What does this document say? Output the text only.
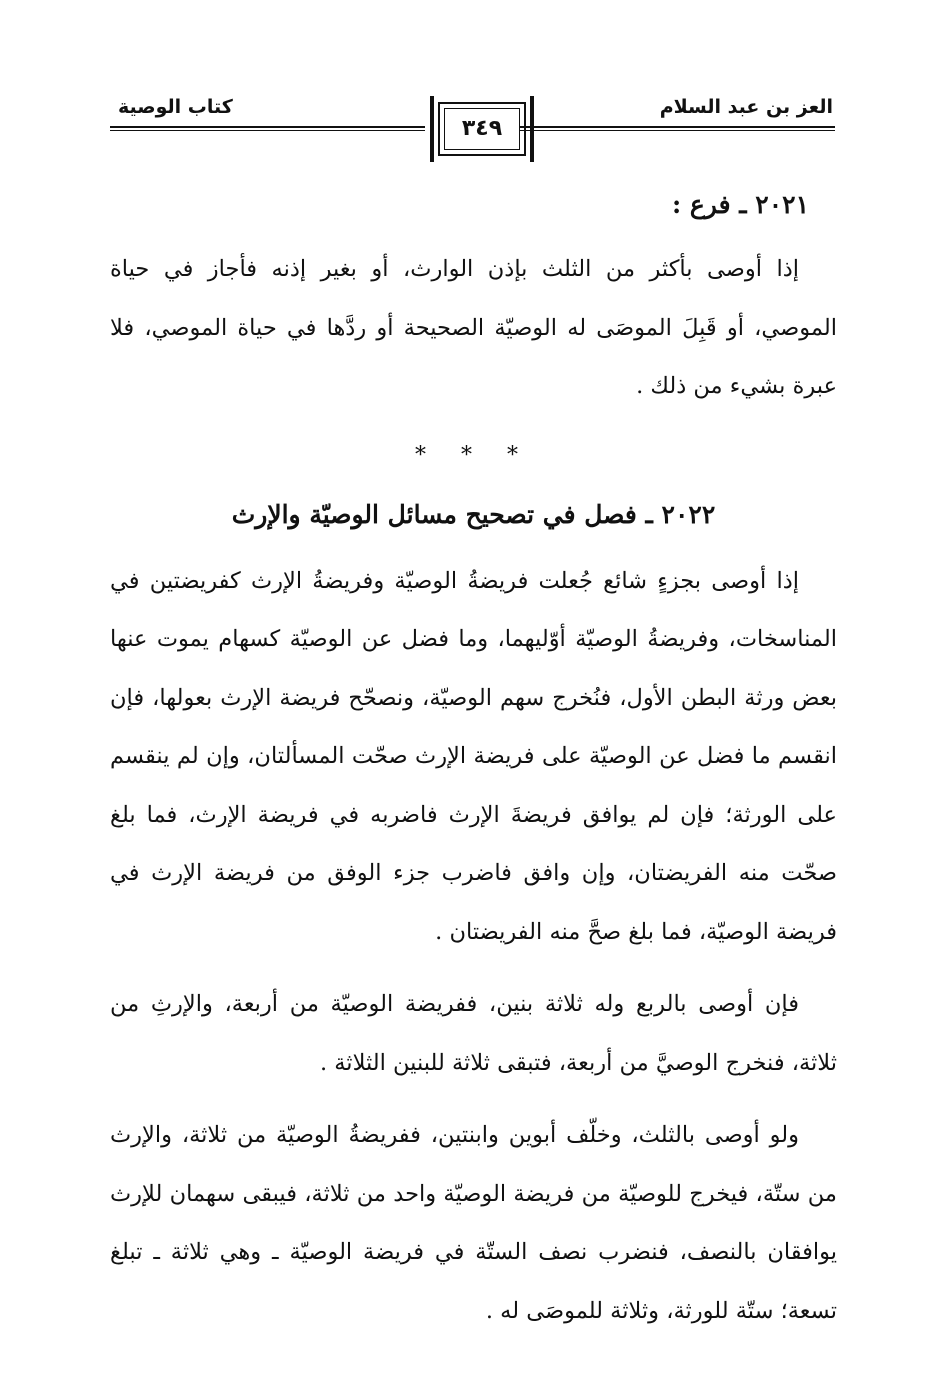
العز بن عبد السلام
كتاب الوصية
٣٤٩
٢٠٢١ ـ فرع :

إذا أوصى بأكثر من الثلث بإذن الوارث، أو بغير إذنه فأجاز في حياة الموصي، أو قَبِلَ الموصَى له الوصيّة الصحيحة أو ردَّها في حياة الموصي، فلا عبرة بشيء من ذلك .

* * *
٢٠٢٢ ـ فصل في تصحيح مسائل الوصيّة والإرث

إذا أوصى بجزءٍ شائع جُعلت فريضةُ الوصيّة وفريضةُ الإرث كفريضتين في المناسخات، وفريضةُ الوصيّة أوّليهما، وما فضل عن الوصيّة كسهام يموت عنها بعض ورثة البطن الأول، فنُخرج سهم الوصيّة، ونصحّح فريضة الإرث بعولها، فإن انقسم ما فضل عن الوصيّة على فريضة الإرث صحّت المسألتان، وإن لم ينقسم على الورثة؛ فإن لم يوافق فريضةَ الإرث فاضربه في فريضة الإرث، فما بلغ صحّت منه الفريضتان، وإن وافق فاضرب جزء الوفق من فريضة الإرث في فريضة الوصيّة، فما بلغ صحَّ منه الفريضتان .

فإن أوصى بالربع وله ثلاثة بنين، ففريضة الوصيّة من أربعة، والإرثِ من ثلاثة، فنخرج الوصيَّ من أربعة، فتبقى ثلاثة للبنين الثلاثة .

ولو أوصى بالثلث، وخلّف أبوين وابنتين، ففريضةُ الوصيّة من ثلاثة، والإرث من ستّة، فيخرج للوصيّة من فريضة الوصيّة واحد من ثلاثة، فيبقى سهمان للإرث يوافقان بالنصف، فنضرب نصف الستّة في فريضة الوصيّة ـ وهي ثلاثة ـ تبلغ تسعة؛ ستّة للورثة، وثلاثة للموصَى له .
